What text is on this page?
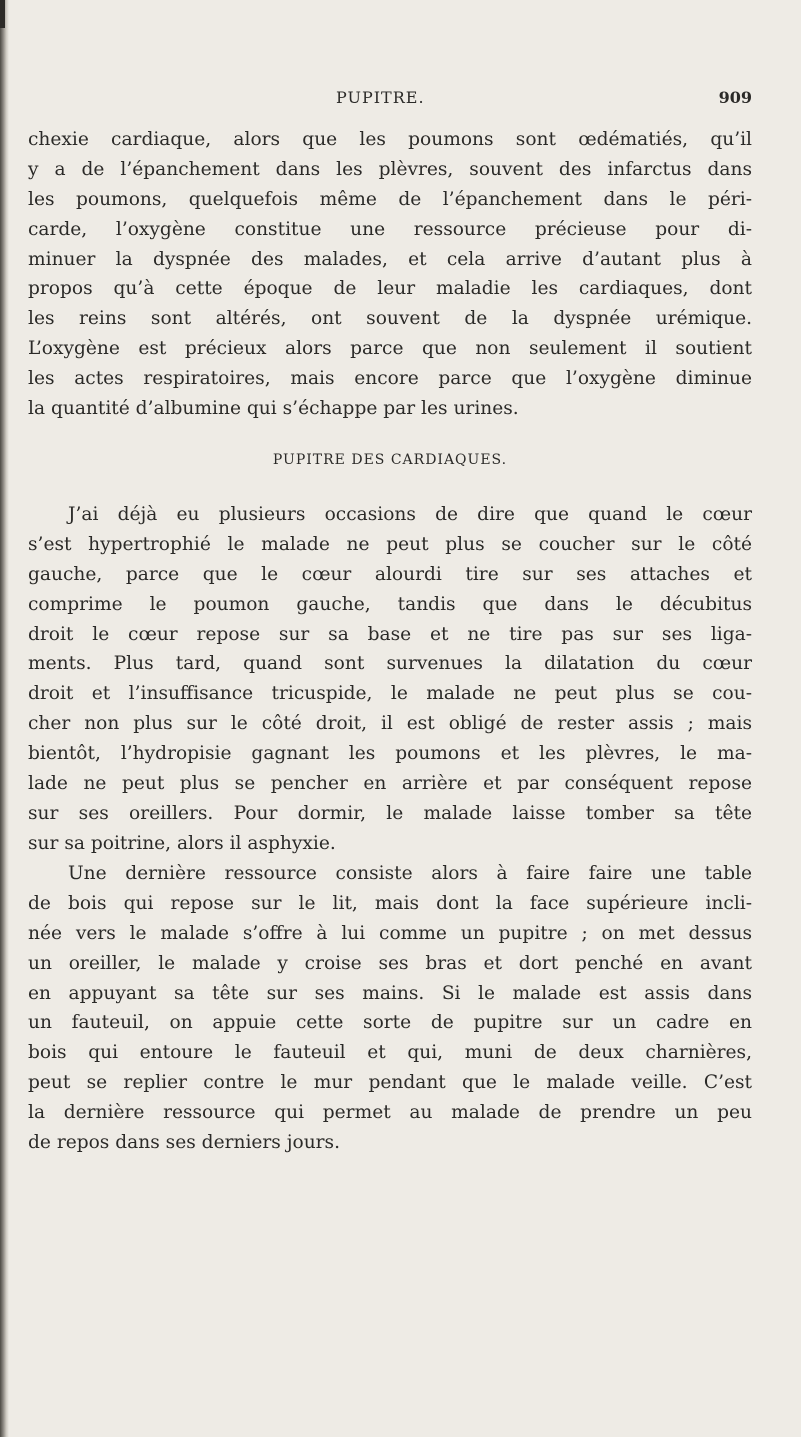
PUPITRE.	909
chexie cardiaque, alors que les poumons sont œdématiés, qu’il
y a de l’épanchement dans les plèvres, souvent des infarctus dans
les poumons, quelquefois même de l’épanchement dans le péri-
carde, l’oxygène constitue une ressource précieuse pour di-
minuer la dyspnée des malades, et cela arrive d’autant plus à
propos qu’à cette époque de leur maladie les cardiaques, dont
les reins sont altérés, ont souvent de la dyspnée urémique.
L’oxygène est précieux alors parce que non seulement il soutient
les actes respiratoires, mais encore parce que l’oxygène diminue
la quantité d’albumine qui s’échappe par les urines.
PUPITRE DES CARDIAQUES.
J’ai déjà eu plusieurs occasions de dire que quand le cœur
s’est hypertrophié le malade ne peut plus se coucher sur le côté
gauche, parce que le cœur alourdi tire sur ses attaches et
comprime le poumon gauche, tandis que dans le décubitus
droit le cœur repose sur sa base et ne tire pas sur ses liga-
ments. Plus tard, quand sont survenues la dilatation du cœur
droit et l’insuffisance tricuspide, le malade ne peut plus se cou-
cher non plus sur le côté droit, il est obligé de rester assis ; mais
bientôt, l’hydropisie gagnant les poumons et les plèvres, le ma-
lade ne peut plus se pencher en arrière et par conséquent repose
sur ses oreillers. Pour dormir, le malade laisse tomber sa tête
sur sa poitrine, alors il asphyxie.
Une dernière ressource consiste alors à faire faire une table
de bois qui repose sur le lit, mais dont la face supérieure incli-
née vers le malade s’offre à lui comme un pupitre ; on met dessus
un oreiller, le malade y croise ses bras et dort penché en avant
en appuyant sa tête sur ses mains. Si le malade est assis dans
un fauteuil, on appuie cette sorte de pupitre sur un cadre en
bois qui entoure le fauteuil et qui, muni de deux charnières,
peut se replier contre le mur pendant que le malade veille. C’est
la dernière ressource qui permet au malade de prendre un peu
de repos dans ses derniers jours.
